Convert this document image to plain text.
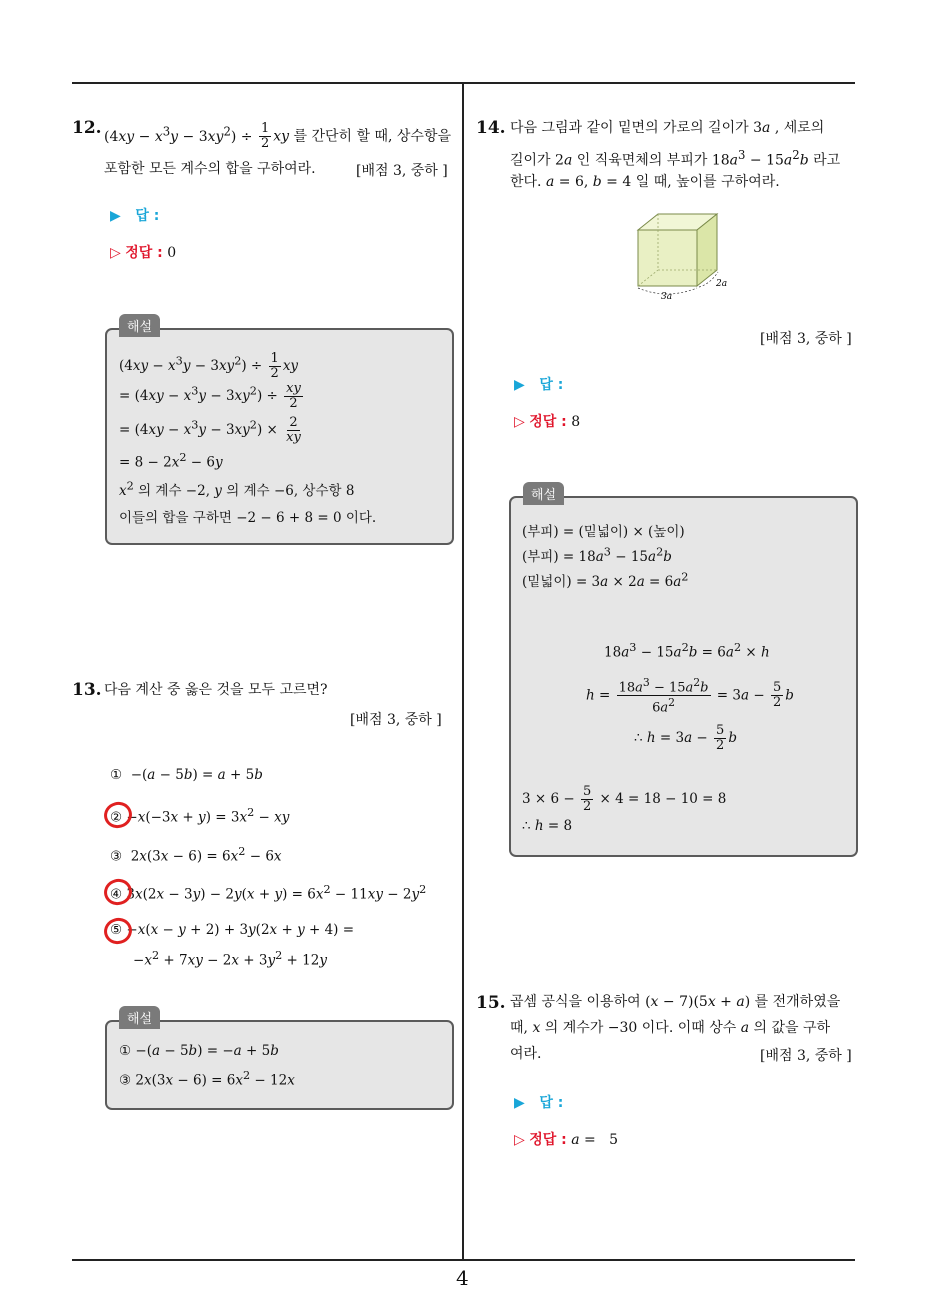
4
12. $(4xy - x^3y - 3xy^2) \div \frac{1}{2}$ xy 를 간단히 할 때, 상수항을
포함한 모든 계수의 합을 구하여라.	[배점 3, 중하 ]
▶ 답 :
▷ 정답 : 0
해설
$(4xy - x^3y - 3xy^2) \div \frac{1}{2}$ xy
= $(4xy - x^3y - 3xy^2) \div \frac{xy}{2}$
= $(4xy - x^3y - 3xy^2) \times \frac{2}{xy}$
= $8 - 2x^2 - 6y$
$x^2$ 의 계수 −2, y 의 계수 −6, 상수항 8
이들의 합을 구하면 −2 − 6 + 8 = 0 이다.
13. 다음 계산 중 옳은 것을 모두 고르면?
[배점 3, 중하 ]
①  −(a − 5b) = a + 5b
② $-x(-3x + y) = 3x^2$ − xy
③  $2x(3x - 6) = 6x^2 - 6x$
④ $3x(2x - 3y) - 2y(x + y) = 6x^2 - 11xy - 2y^2$
⑤ −x(x − y + 2) + 3y(2x + y + 4) =
$-x^2 + 7xy - 2x + 3y^2 + 12y$
해설
① −(a − 5b) = −a + 5b
③ $2x(3x - 6) = 6x^2 - 12x$
14. 다음 그림과 같이 밑면의 가로의 길이가 3a , 세로의
길이가 2a 인 직육면체의 부피가 $18a^3 - 15a^2b$ 라고
한다. a = 6, b = 4 일 때, 높이를 구하여라.
3a
2a
[배점 3, 중하 ]
▶ 답 :
▷ 정답 : 8
해설
(부피) = (밑넓이) × (높이)
(부피) = $18a^3 - 15a^2b$
(밑넓이) = $3a \times 2a = 6a^2$
$18a^3 - 15a^2b = 6a^2 \times h$
$h = \frac{18a^3 - 15a^2b}{6a^2} = 3a - \frac{5}{2}$ b
∴ $h = 3a - \frac{5}{2}$ b
$3 \times 6 - \frac{5}{2} \times 4 = 18 - 10 = 8$
∴ h = 8
15. 곱셈 공식을 이용하여 (x − 7)(5x + a) 를 전개하였을
때, x 의 계수가 −30 이다. 이때 상수 a 의 값을 구하
여라.	[배점 3, 중하 ]
▶ 답 :
▷ 정답 : a =   5
